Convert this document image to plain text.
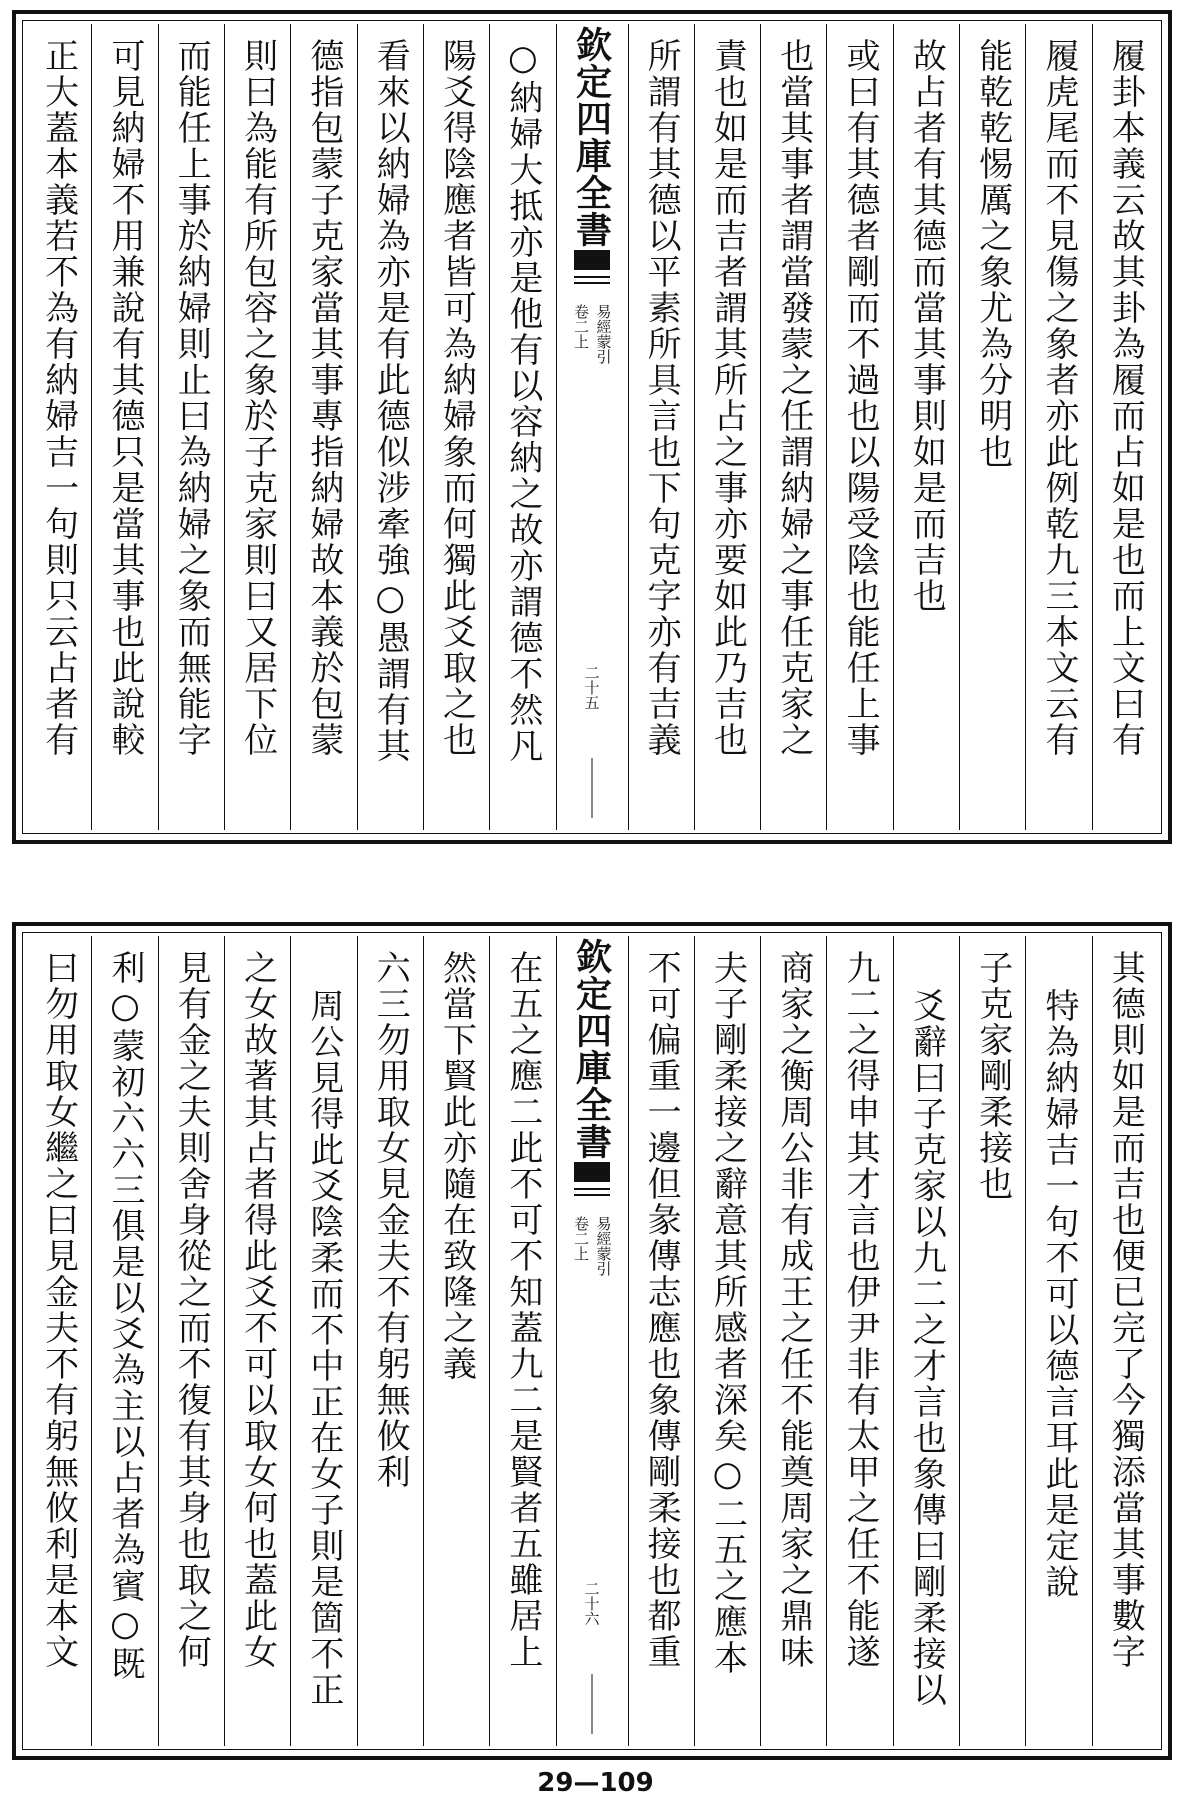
履卦本義云故其卦為履而占如是也而上文曰有
履虎尾而不見傷之象者亦此例乾九三本文云有
能乾乾惕厲之象尤為分明也
故占者有其德而當其事則如是而吉也
或曰有其德者剛而不過也以陽受陰也能任上事
也當其事者謂當發蒙之任謂納婦之事任克家之
責也如是而吉者謂其所占之事亦要如此乃吉也
所謂有其德以平素所具言也下句克字亦有吉義
欽定四庫全書
易經蒙引
卷二上
二十五
○納婦大抵亦是他有以容納之故亦謂德不然凡
陽爻得陰應者皆可為納婦象而何獨此爻取之也
看來以納婦為亦是有此德似涉牽強○愚謂有其
德指包蒙子克家當其事專指納婦故本義於包蒙
則曰為能有所包容之象於子克家則曰又居下位
而能任上事於納婦則止曰為納婦之象而無能字
可見納婦不用兼說有其德只是當其事也此說較
正大蓋本義若不為有納婦吉一句則只云占者有
其德則如是而吉也便已完了今獨添當其事數字
特為納婦吉一句不可以德言耳此是定說
子克家剛柔接也
爻辭曰子克家以九二之才言也象傳曰剛柔接以
九二之得申其才言也伊尹非有太甲之任不能遂
商家之衡周公非有成王之任不能奠周家之鼎味
夫子剛柔接之辭意其所感者深矣○二五之應本
不可偏重一邊但彖傳志應也象傳剛柔接也都重
欽定四庫全書
易經蒙引
卷二上
二十六
在五之應二此不可不知蓋九二是賢者五雖居上
然當下賢此亦隨在致隆之義
六三勿用取女見金夫不有躬無攸利
周公見得此爻陰柔而不中正在女子則是箇不正
之女故著其占者得此爻不可以取女何也蓋此女
見有金之夫則舍身從之而不復有其身也取之何
利○蒙初六六三俱是以爻為主以占者為賓○既
曰勿用取女繼之曰見金夫不有躬無攸利是本文
29—109
